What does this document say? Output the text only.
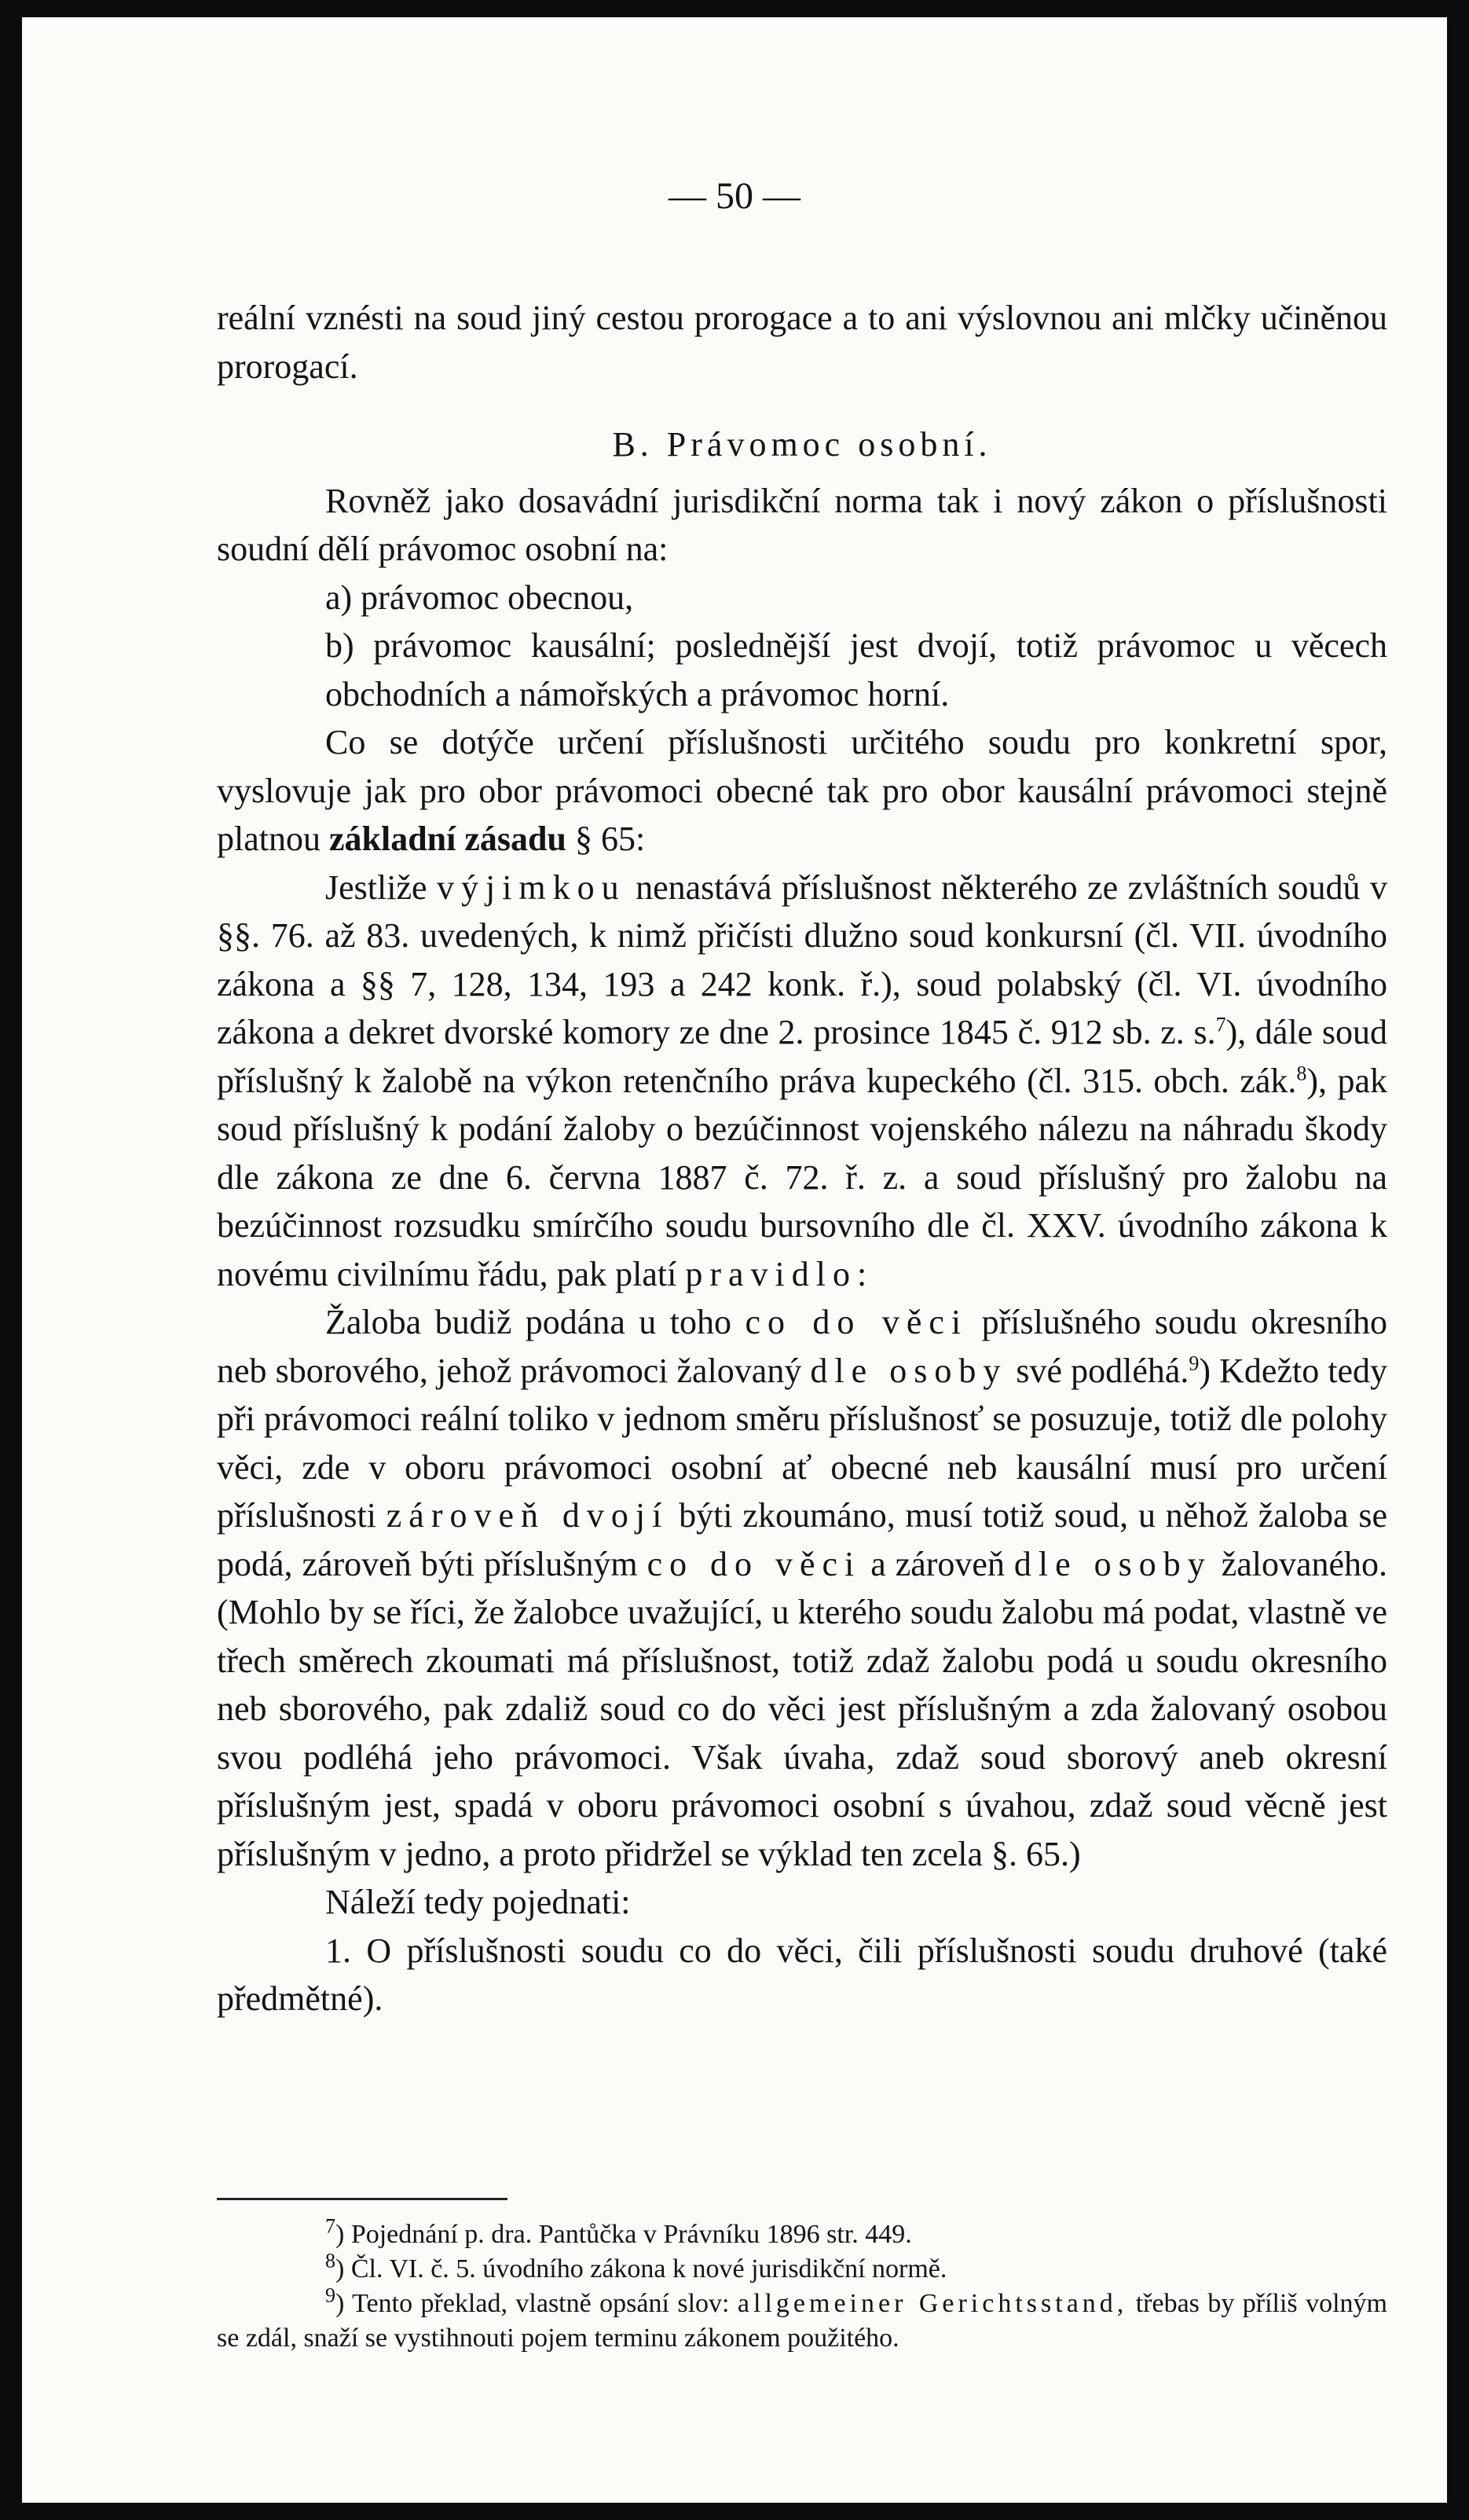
— 50 —

reální vznésti na soud jiný cestou prorogace a to ani výslovnou ani mlčky učiněnou prorogací.

B. Právomoc osobní.

Rovněž jako dosavádní jurisdikční norma tak i nový zákon o příslušnosti soudní dělí právomoc osobní na:

a) právomoc obecnou,

b) právomoc kausální; poslednější jest dvojí, totiž právomoc u věcech obchodních a námořských a právomoc horní.

Co se dotýče určení příslušnosti určitého soudu pro konkretní spor, vyslovuje jak pro obor právomoci obecné tak pro obor kausální právomoci stejně platnou základní zásadu § 65:

Jestliže výjimkou nenastává příslušnost některého ze zvláštních soudů v §§. 76. až 83. uvedených, k nimž přičísti dlužno soud konkursní (čl. VII. úvodního zákona a §§ 7, 128, 134, 193 a 242 konk. ř.), soud polabský (čl. VI. úvodního zákona a dekret dvorské komory ze dne 2. prosince 1845 č. 912 sb. z. s.$^7$), dále soud příslušný k žalobě na výkon retenčního práva kupeckého (čl. 315. obch. zák.$^8$), pak soud příslušný k podání žaloby o bezúčinnost vojenského nálezu na náhradu škody dle zákona ze dne 6. června 1887 č. 72. ř. z. a soud příslušný pro žalobu na bezúčinnost rozsudku smírčího soudu bursovního dle čl. XXV. úvodního zákona k novému civilnímu řádu, pak platí pravidlo:

Žaloba budiž podána u toho co do věci příslušného soudu okresního neb sborového, jehož právomoci žalovaný dle osoby své podléhá.$^9$) Kdežto tedy při právomoci reální toliko v jednom směru příslušnosť se posuzuje, totiž dle polohy věci, zde v oboru právomoci osobní ať obecné neb kausální musí pro určení příslušnosti zároveň dvojí býti zkoumáno, musí totiž soud, u něhož žaloba se podá, zároveň býti příslušným co do věci a zároveň dle osoby žalovaného. (Mohlo by se říci, že žalobce uvažující, u kterého soudu žalobu má podat, vlastně ve třech směrech zkoumati má příslušnost, totiž zdaž žalobu podá u soudu okresního neb sborového, pak zdaliž soud co do věci jest příslušným a zda žalovaný osobou svou podléhá jeho právomoci. Však úvaha, zdaž soud sborový aneb okresní příslušným jest, spadá v oboru právomoci osobní s úvahou, zdaž soud věcně jest příslušným v jedno, a proto přidržel se výklad ten zcela §. 65.)

Náleží tedy pojednati:

1. O příslušnosti soudu co do věci, čili příslušnosti soudu druhové (také předmětné).

$^7$) Pojednání p. dra. Pantůčka v Právníku 1896 str. 449.

$^8$) Čl. VI. č. 5. úvodního zákona k nové jurisdikční normě.

$^9$) Tento překlad, vlastně opsání slov: allgemeiner Gerichtsstand, třebas by příliš volným se zdál, snaží se vystihnouti pojem terminu zákonem použitého.
